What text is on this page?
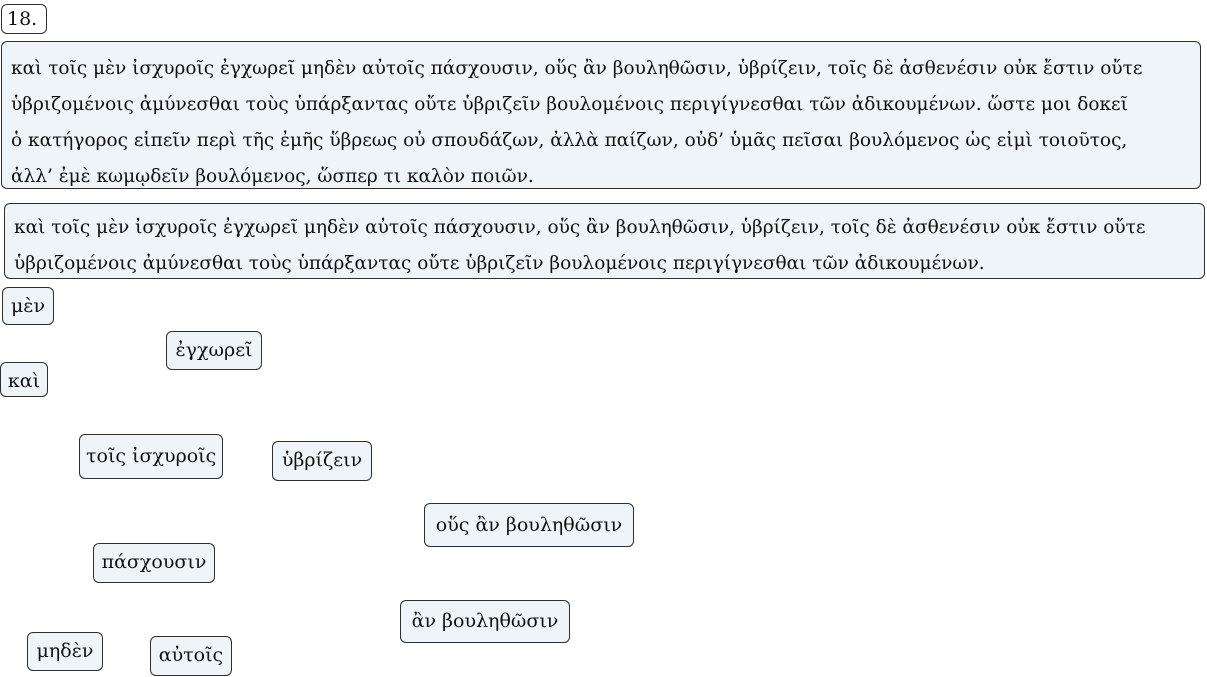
18.

καὶ τοῖς μὲν ἰσχυροῖς ἐγχωρεῖ μηδὲν αὐτοῖς πάσχουσιν, οὕς ἂν βουληθῶσιν, ὑβρίζειν, τοῖς δὲ ἀσθενέσιν οὐκ ἔστιν οὔτε

ὑβριζομένοις ἀμύνεσθαι τοὺς ὑπάρξαντας οὔτε ὑβριζεῖν βουλομένοις περιγίγνεσθαι τῶν ἀδικουμένων. ὥστε μοι δοκεῖ

ὁ κατήγορος εἰπεῖν περὶ τῆς ἐμῆς ὕβρεως οὐ σπουδάζων, ἀλλὰ παίζων, οὐδ’ ὑμᾶς πεῖσαι βουλόμενος ὡς εἰμὶ τοιοῦτος,

ἀλλ’ ἐμὲ κωμῳδεῖν βουλόμενος, ὥσπερ τι καλὸν ποιῶν.

καὶ τοῖς μὲν ἰσχυροῖς ἐγχωρεῖ μηδὲν αὐτοῖς πάσχουσιν, οὕς ἂν βουληθῶσιν, ὑβρίζειν, τοῖς δὲ ἀσθενέσιν οὐκ ἔστιν οὔτε

ὑβριζομένοις ἀμύνεσθαι τοὺς ὑπάρξαντας οὔτε ὑβριζεῖν βουλομένοις περιγίγνεσθαι τῶν ἀδικουμένων.

μὲν
ἐγχωρεῖ
καὶ
τοῖς ἰσχυροῖς	ὑβρίζειν
οὕς ἂν βουληθῶσιν
πάσχουσιν
ἂν βουληθῶσιν
μηδὲν	αὐτοῖς
